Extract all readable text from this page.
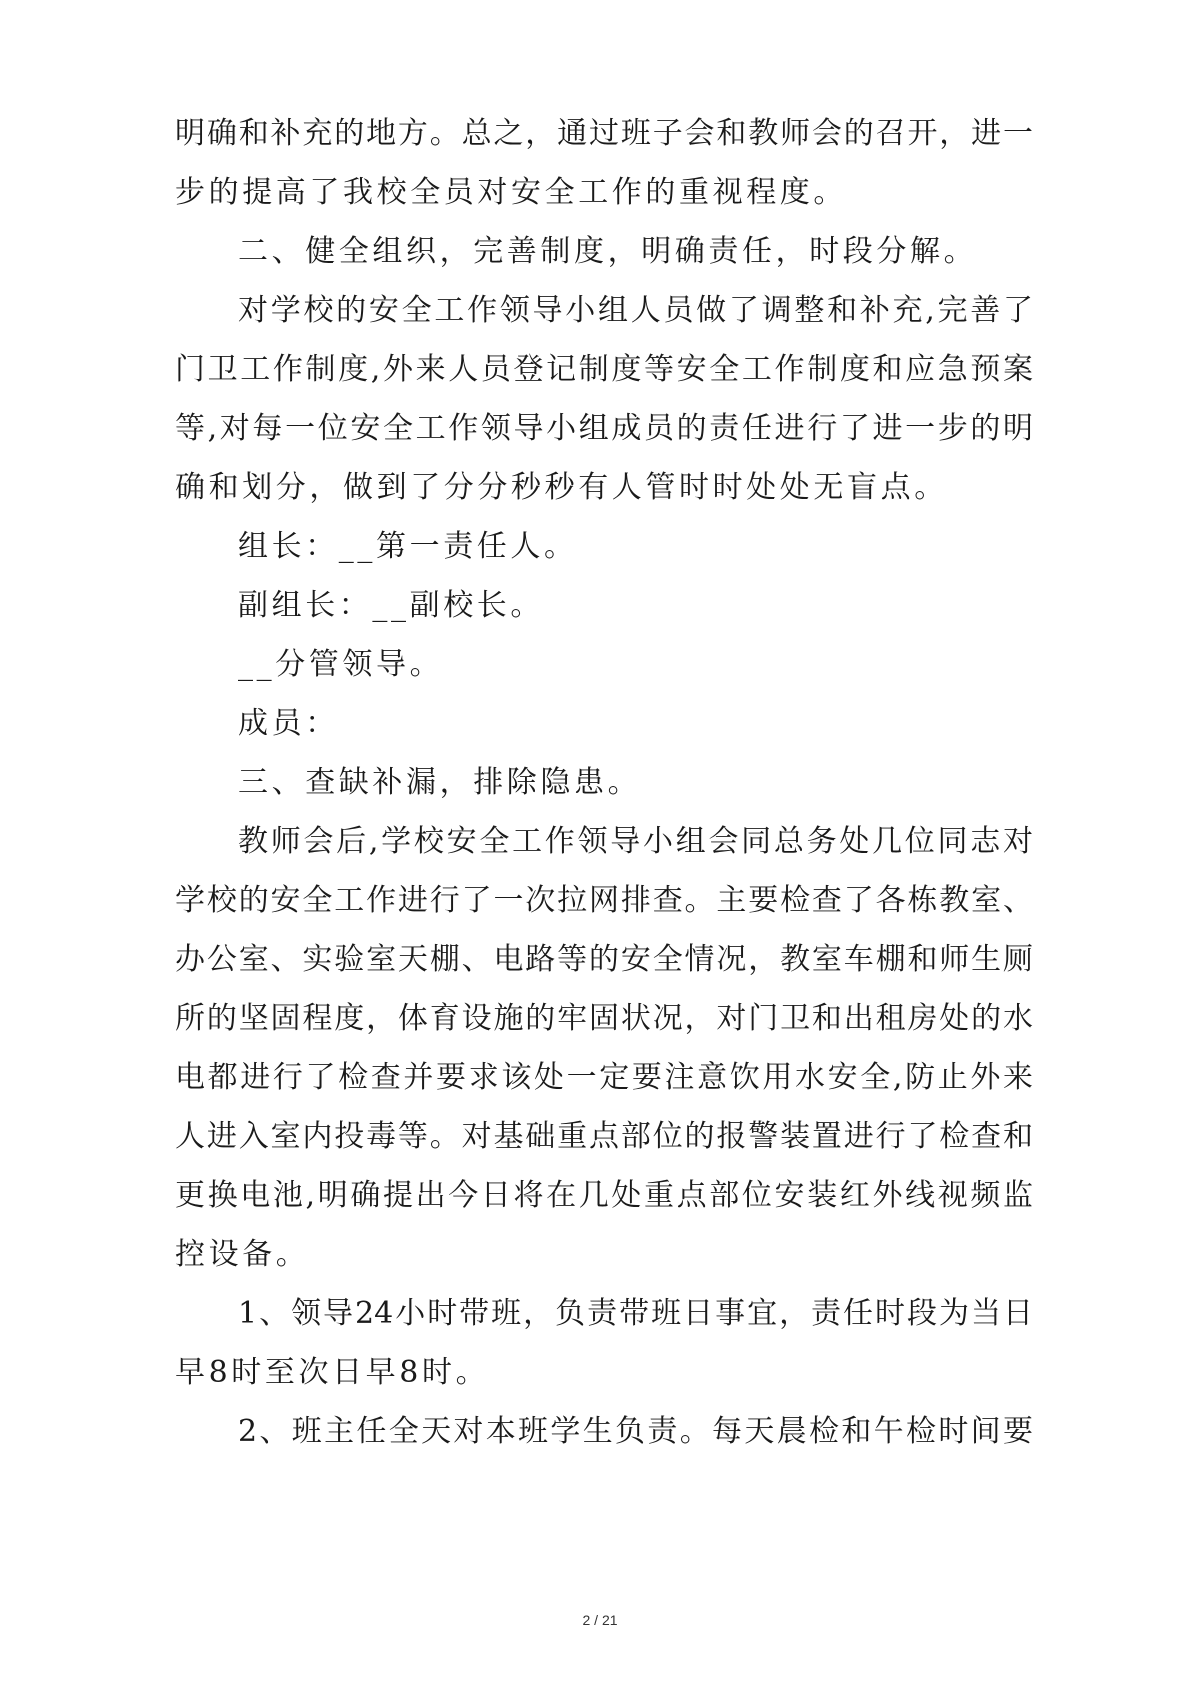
明确和补充的地方。总之，通过班子会和教师会的召开，进一
步的提高了我校全员对安全工作的重视程度。
二、健全组织，完善制度，明确责任，时段分解。
对学校的安全工作领导小组人员做了调整和补充,完善了
门卫工作制度,外来人员登记制度等安全工作制度和应急预案
等,对每一位安全工作领导小组成员的责任进行了进一步的明
确和划分，做到了分分秒秒有人管时时处处无盲点。
组长：__第一责任人。
副组长：__副校长。
__分管领导。
成员：
三、查缺补漏，排除隐患。
教师会后,学校安全工作领导小组会同总务处几位同志对
学校的安全工作进行了一次拉网排查。主要检查了各栋教室、
办公室、实验室天棚、电路等的安全情况，教室车棚和师生厕
所的坚固程度，体育设施的牢固状况，对门卫和出租房处的水
电都进行了检查并要求该处一定要注意饮用水安全,防止外来
人进入室内投毒等。对基础重点部位的报警装置进行了检查和
更换电池,明确提出今日将在几处重点部位安装红外线视频监
控设备。
1、领导24小时带班，负责带班日事宜，责任时段为当日
早8时至次日早8时。
2、班主任全天对本班学生负责。每天晨检和午检时间要
2 / 21
